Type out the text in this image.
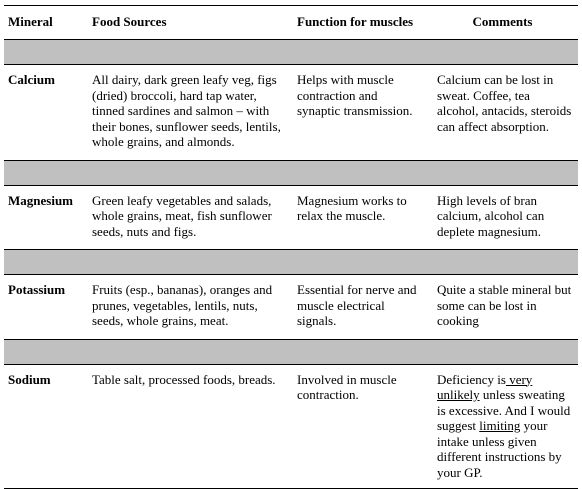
Mineral	Food Sources	Function for muscles	Comments

Calcium	All dairy, dark green leafy veg, figs (dried) broccoli, hard tap water, tinned sardines and salmon – with their bones, sunflower seeds, lentils, whole grains, and almonds.	Helps with muscle contraction and synaptic transmission.	Calcium can be lost in sweat. Coffee, tea alcohol, antacids, steroids can affect absorption.

Magnesium	Green leafy vegetables and salads, whole grains, meat, fish sunflower seeds, nuts and figs.	Magnesium works to relax the muscle.	High levels of bran calcium, alcohol can deplete magnesium.

Potassium	Fruits (esp., bananas), oranges and prunes, vegetables, lentils, nuts, seeds, whole grains, meat.	Essential for nerve and muscle electrical signals.	Quite a stable mineral but some can be lost in cooking

Sodium	Table salt, processed foods, breads.	Involved in muscle contraction.	Deficiency is very unlikely unless sweating is excessive. And I would suggest limiting your intake unless given different instructions by your GP.
